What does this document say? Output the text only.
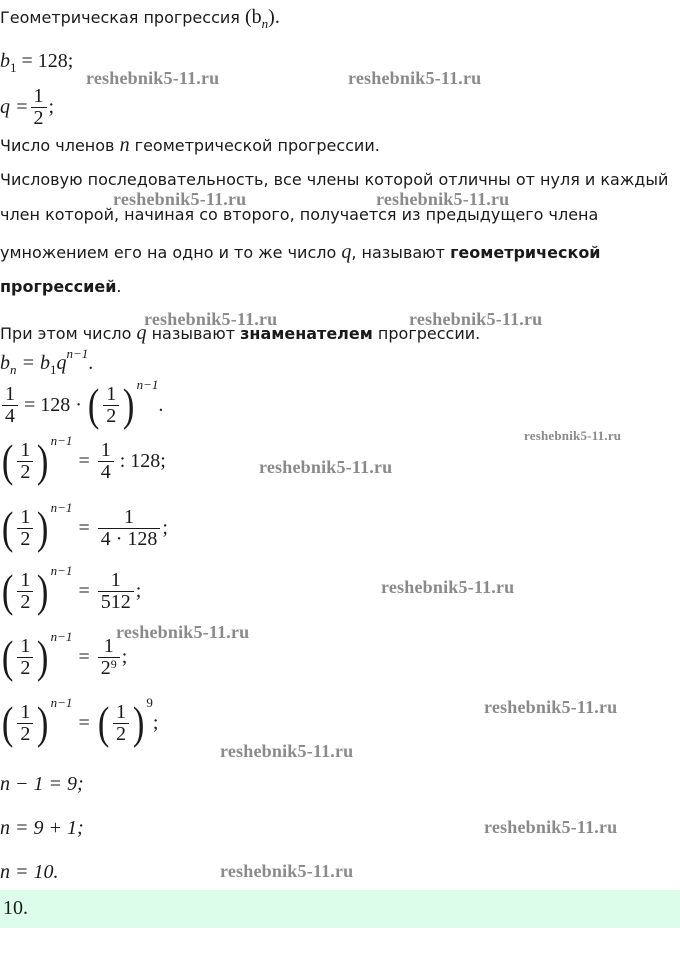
Геометрическая прогрессия $(b_n)$.
$b_1 = 128$;
$q = \frac{1}{2}$ ;
Число членов n геометрической прогрессии.
Числовую последовательность, все члены которой отличны от нуля и каждый
член которой, начиная со второго, получается из предыдущего члена
умножением его на одно и то же число q, называют геометрической
прогрессией.
При этом число q называют знаменателем прогрессии.
$b_n = b_1q^{n-1}$.
$\frac{1}{4} = 128$ · ( $\frac{1}{2}$ ) n−1
.
( $\frac{1}{2}$ ) n−1
= $\frac{1}{4}$ : 128;
( $\frac{1}{2}$ ) n−1
= $\frac{1}{4 \cdot 128}$ ;
( $\frac{1}{2}$ ) n−1
= $\frac{1}{512}$ ;
( $\frac{1}{2}$ ) n−1
= $\frac{1}{2^9}$ ;
( $\frac{1}{2}$ ) n−1
= ( $\frac{1}{2}$ ) 9
;
n − 1 = 9;
n = 9 + 1;
n = 10.
10.
reshebnik5-11.ru	reshebnik5-11.ru
reshebnik5-11.ru	reshebnik5-11.ru
reshebnik5-11.ru	reshebnik5-11.ru
reshebnik5-11.ru
reshebnik5-11.ru
reshebnik5-11.ru
reshebnik5-11.ru
reshebnik5-11.ru
reshebnik5-11.ru
reshebnik5-11.ru
reshebnik5-11.ru
